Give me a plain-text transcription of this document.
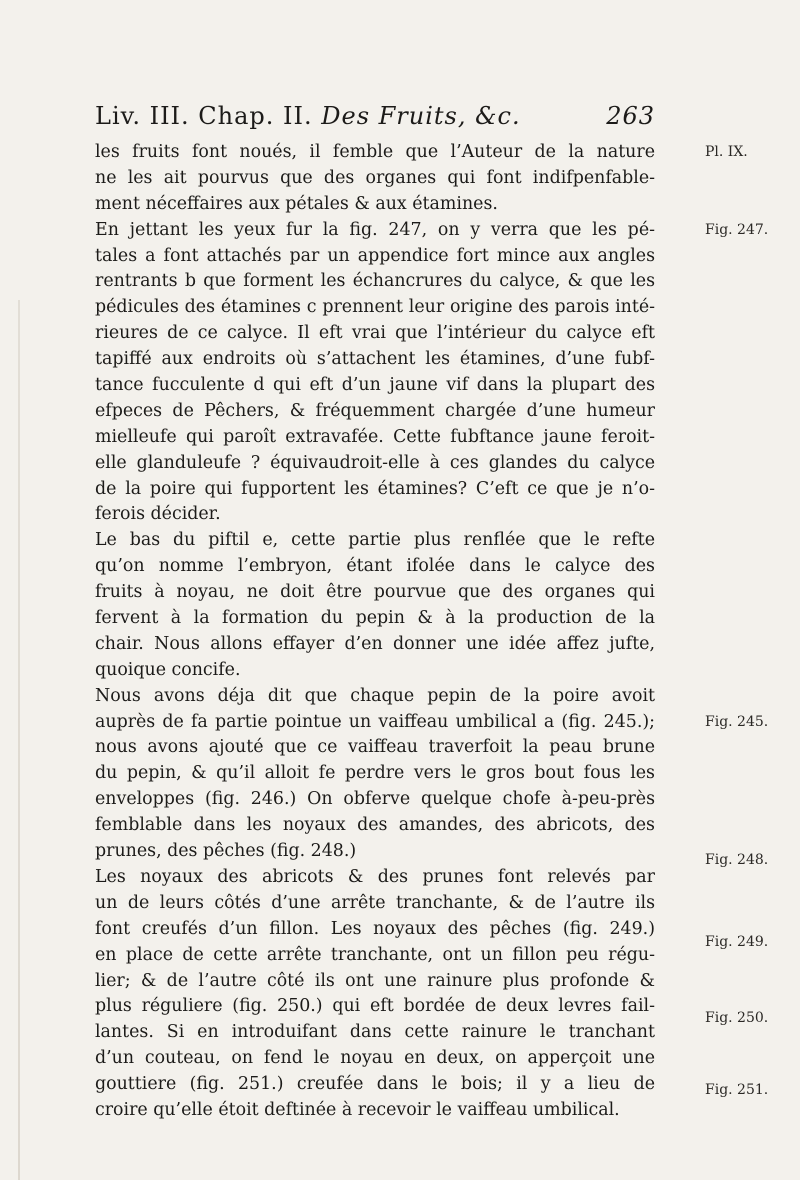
Liv. III. Chap. II. Des Fruits, &c.	263
les fruits font noués, il femble que l’Auteur de la nature
ne les ait pourvus que des organes qui font indifpenfable-
ment néceffaires aux pétales & aux étamines.
En jettant les yeux fur la fig. 247, on y verra que les pé-
tales a font attachés par un appendice fort mince aux angles
rentrants b que forment les échancrures du calyce, & que les
pédicules des étamines c prennent leur origine des parois inté-
rieures de ce calyce. Il eft vrai que l’intérieur du calyce eft
tapiffé aux endroits où s’attachent les étamines, d’une fubf-
tance fucculente d qui eft d’un jaune vif dans la plupart des
efpeces de Pêchers, & fréquemment chargée d’une humeur
mielleufe qui paroît extravafée. Cette fubftance jaune feroit-
elle glanduleufe ? équivaudroit-elle à ces glandes du calyce
de la poire qui fupportent les étamines? C’eft ce que je n’o-
ferois décider.
Le bas du piftil e, cette partie plus renflée que le refte
qu’on nomme l’embryon, étant ifolée dans le calyce des
fruits à noyau, ne doit être pourvue que des organes qui
fervent à la formation du pepin & à la production de la
chair. Nous allons effayer d’en donner une idée affez jufte,
quoique concife.
Nous avons déja dit que chaque pepin de la poire avoit
auprès de fa partie pointue un vaiffeau umbilical a (fig. 245.);
nous avons ajouté que ce vaiffeau traverfoit la peau brune
du pepin, & qu’il alloit fe perdre vers le gros bout fous les
enveloppes (fig. 246.) On obferve quelque chofe à-peu-près
femblable dans les noyaux des amandes, des abricots, des
prunes, des pêches (fig. 248.)
Les noyaux des abricots & des prunes font relevés par
un de leurs côtés d’une arrête tranchante, & de l’autre ils
font creufés d’un fillon. Les noyaux des pêches (fig. 249.)
en place de cette arrête tranchante, ont un fillon peu régu-
lier; & de l’autre côté ils ont une rainure plus profonde &
plus réguliere (fig. 250.) qui eft bordée de deux levres fail-
lantes. Si en introduifant dans cette rainure le tranchant
d’un couteau, on fend le noyau en deux, on apperçoit une
gouttiere (fig. 251.) creufée dans le bois; il y a lieu de
croire qu’elle étoit deftinée à recevoir le vaiffeau umbilical.
Pl. IX.
Fig. 247.
Fig. 245.
Fig. 248.
Fig. 249.
Fig. 250.
Fig. 251.
